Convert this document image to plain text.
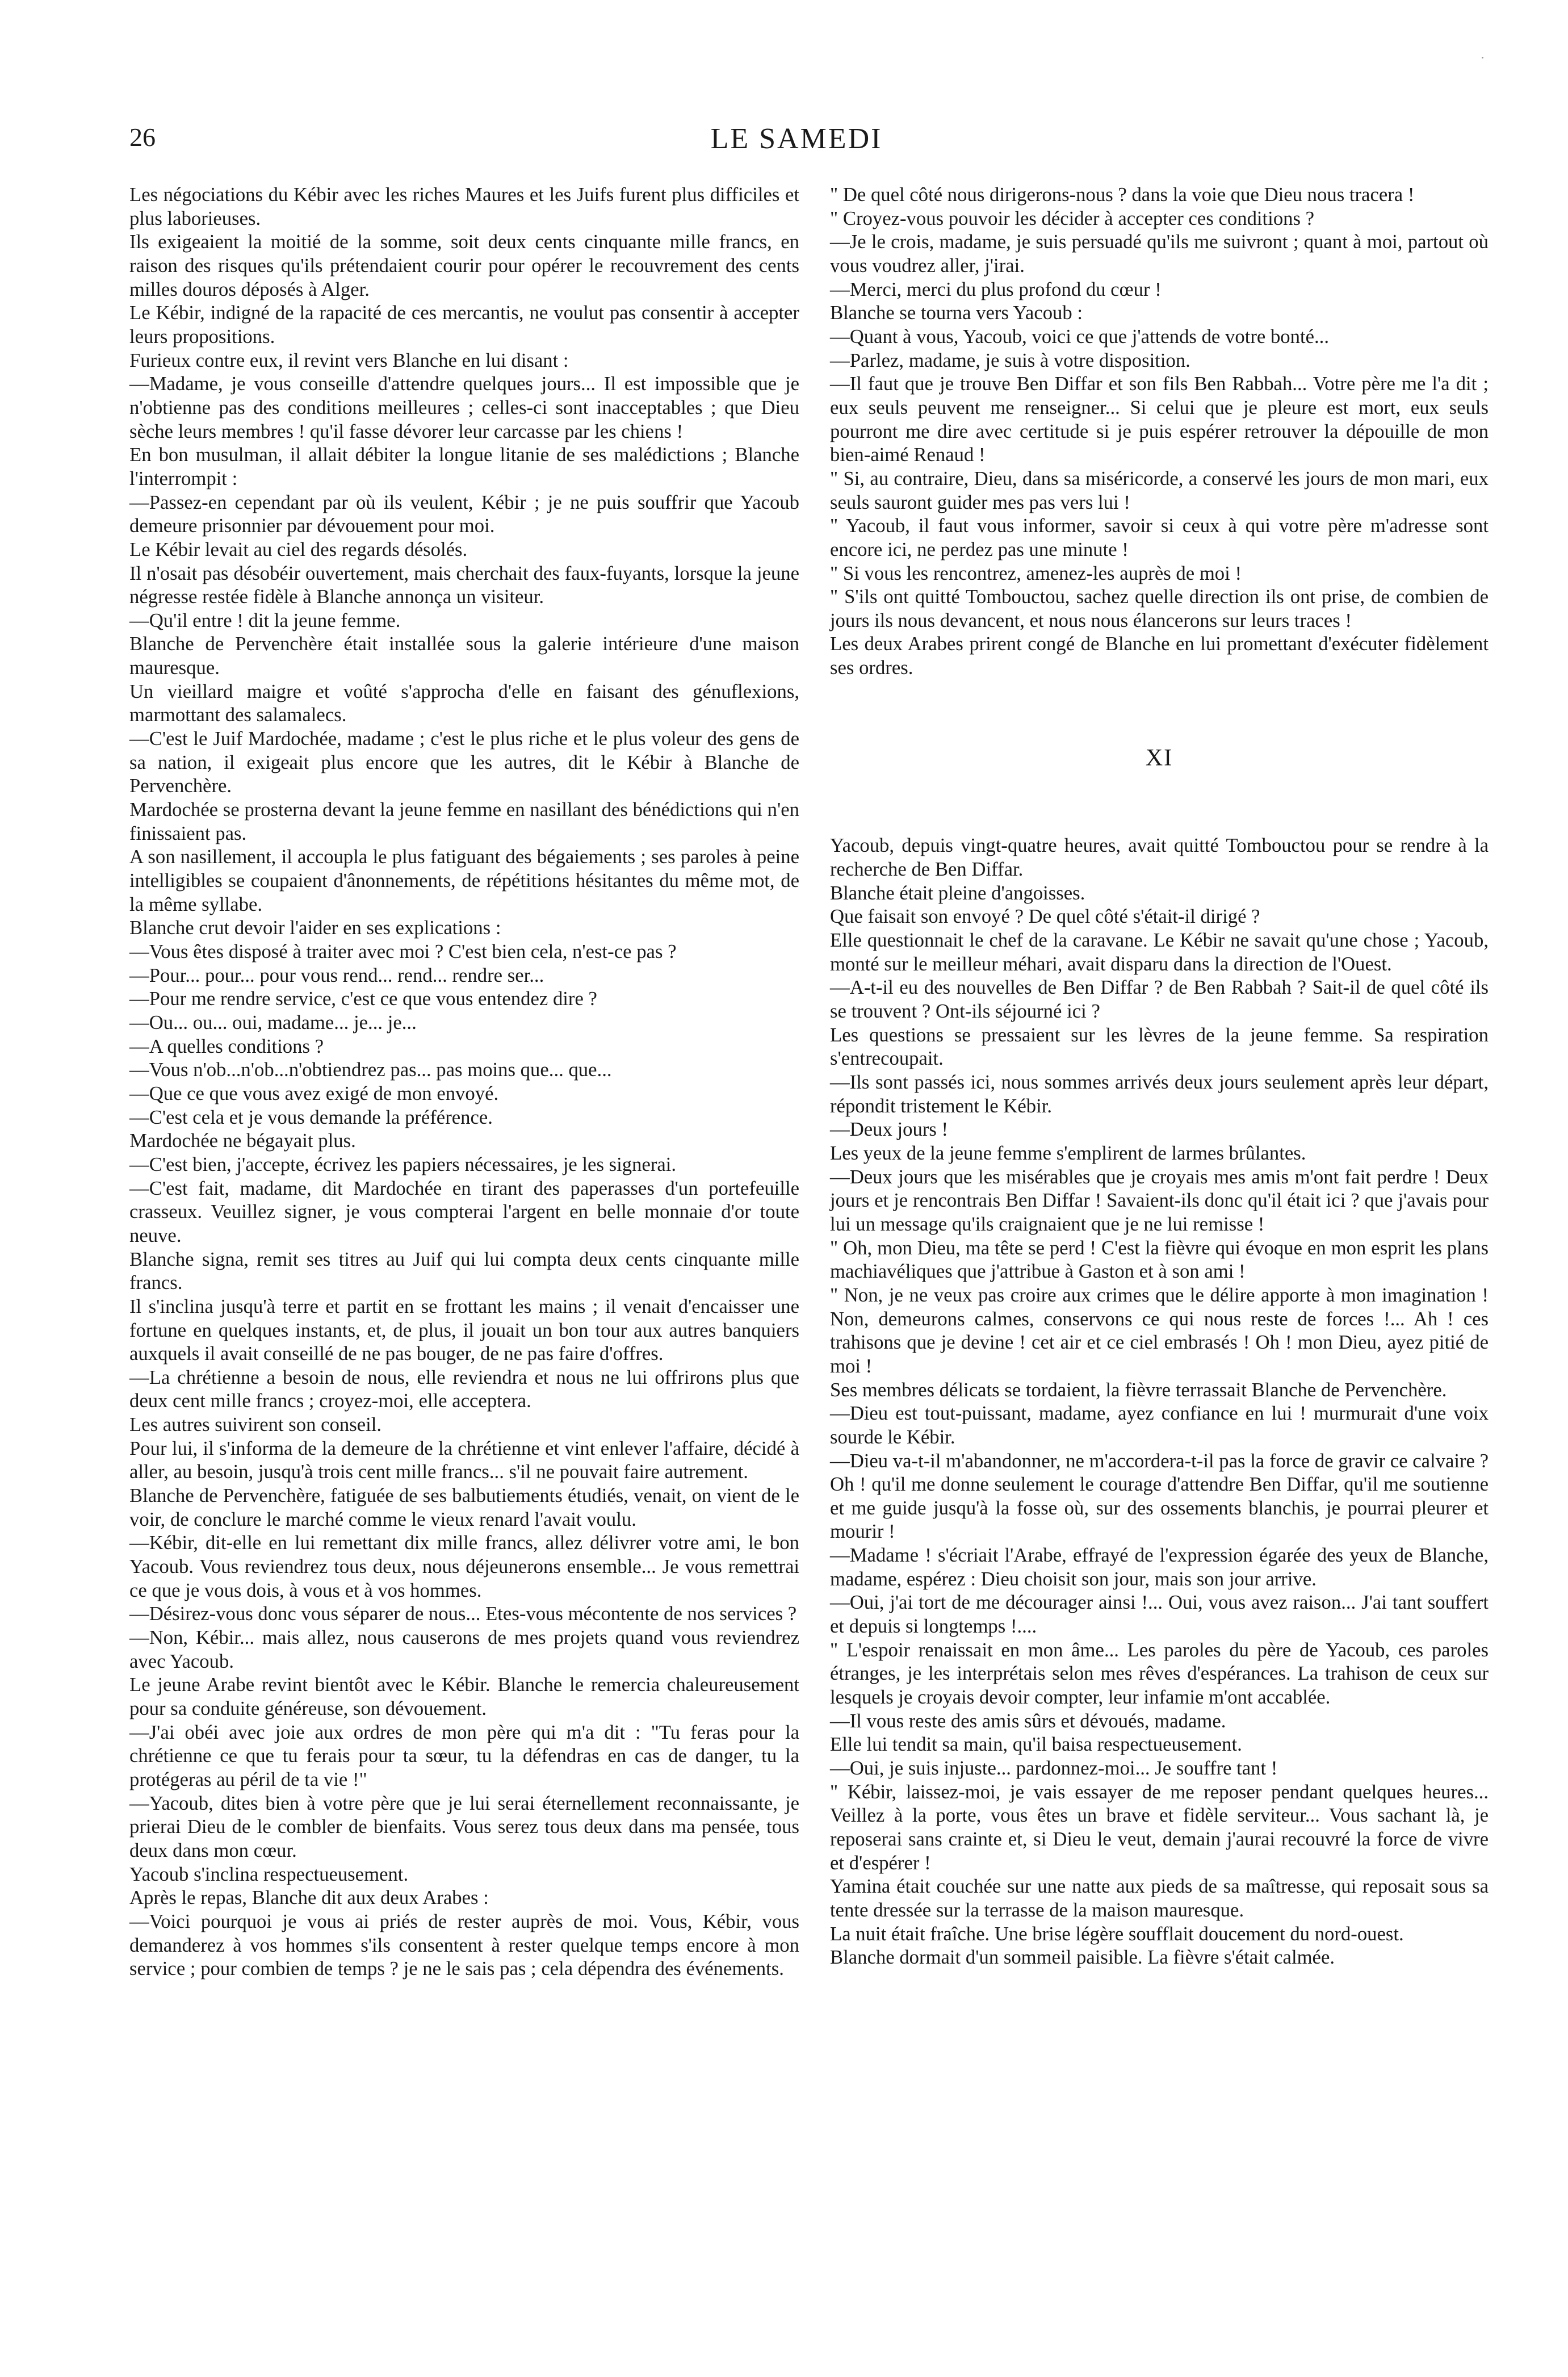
26	LE SAMEDI

Les négociations du Kébir avec les riches Maures et les Juifs furent plus difficiles et plus laborieuses.

Ils exigeaient la moitié de la somme, soit deux cents cinquante mille francs, en raison des risques qu'ils prétendaient courir pour opérer le recouvrement des cents milles douros déposés à Alger.

Le Kébir, indigné de la rapacité de ces mercantis, ne voulut pas consentir à accepter leurs propositions.

Furieux contre eux, il revint vers Blanche en lui disant :

—Madame, je vous conseille d'attendre quelques jours... Il est impossible que je n'obtienne pas des conditions meilleures ; celles-ci sont inacceptables ; que Dieu sèche leurs membres ! qu'il fasse dévorer leur carcasse par les chiens !

En bon musulman, il allait débiter la longue litanie de ses malédictions ; Blanche l'interrompit :

—Passez-en cependant par où ils veulent, Kébir ; je ne puis souffrir que Yacoub demeure prisonnier par dévouement pour moi.

Le Kébir levait au ciel des regards désolés.

Il n'osait pas désobéir ouvertement, mais cherchait des faux-fuyants, lorsque la jeune négresse restée fidèle à Blanche annonça un visiteur.

—Qu'il entre ! dit la jeune femme.

Blanche de Pervenchère était installée sous la galerie intérieure d'une maison mauresque.

Un vieillard maigre et voûté s'approcha d'elle en faisant des génuflexions, marmottant des salamalecs.

—C'est le Juif Mardochée, madame ; c'est le plus riche et le plus voleur des gens de sa nation, il exigeait plus encore que les autres, dit le Kébir à Blanche de Pervenchère.

Mardochée se prosterna devant la jeune femme en nasillant des bénédictions qui n'en finissaient pas.

A son nasillement, il accoupla le plus fatiguant des bégaiements ; ses paroles à peine intelligibles se coupaient d'ânonnements, de répétitions hésitantes du même mot, de la même syllabe.

Blanche crut devoir l'aider en ses explications :

—Vous êtes disposé à traiter avec moi ? C'est bien cela, n'est-ce pas ?

—Pour... pour... pour vous rend... rend... rendre ser...

—Pour me rendre service, c'est ce que vous entendez dire ?

—Ou... ou... oui, madame... je... je...

—A quelles conditions ?

—Vous n'ob...n'ob...n'obtiendrez pas... pas moins que... que...

—Que ce que vous avez exigé de mon envoyé.

—C'est cela et je vous demande la préférence.

Mardochée ne bégayait plus.

—C'est bien, j'accepte, écrivez les papiers nécessaires, je les signerai.

—C'est fait, madame, dit Mardochée en tirant des paperasses d'un portefeuille crasseux. Veuillez signer, je vous compterai l'argent en belle monnaie d'or toute neuve.

Blanche signa, remit ses titres au Juif qui lui compta deux cents cinquante mille francs.

Il s'inclina jusqu'à terre et partit en se frottant les mains ; il venait d'encaisser une fortune en quelques instants, et, de plus, il jouait un bon tour aux autres banquiers auxquels il avait conseillé de ne pas bouger, de ne pas faire d'offres.

—La chrétienne a besoin de nous, elle reviendra et nous ne lui offrirons plus que deux cent mille francs ; croyez-moi, elle acceptera.

Les autres suivirent son conseil.

Pour lui, il s'informa de la demeure de la chrétienne et vint enlever l'affaire, décidé à aller, au besoin, jusqu'à trois cent mille francs... s'il ne pouvait faire autrement.

Blanche de Pervenchère, fatiguée de ses balbutiements étudiés, venait, on vient de le voir, de conclure le marché comme le vieux renard l'avait voulu.

—Kébir, dit-elle en lui remettant dix mille francs, allez délivrer votre ami, le bon Yacoub. Vous reviendrez tous deux, nous déjeunerons ensemble... Je vous remettrai ce que je vous dois, à vous et à vos hommes.

—Désirez-vous donc vous séparer de nous... Etes-vous mécontente de nos services ?

—Non, Kébir... mais allez, nous causerons de mes projets quand vous reviendrez avec Yacoub.

Le jeune Arabe revint bientôt avec le Kébir. Blanche le remercia chaleureusement pour sa conduite généreuse, son dévouement.

—J'ai obéi avec joie aux ordres de mon père qui m'a dit : "Tu feras pour la chrétienne ce que tu ferais pour ta sœur, tu la défendras en cas de danger, tu la protégeras au péril de ta vie !"

—Yacoub, dites bien à votre père que je lui serai éternellement reconnaissante, je prierai Dieu de le combler de bienfaits. Vous serez tous deux dans ma pensée, tous deux dans mon cœur.

Yacoub s'inclina respectueusement.

Après le repas, Blanche dit aux deux Arabes :

—Voici pourquoi je vous ai priés de rester auprès de moi. Vous, Kébir, vous demanderez à vos hommes s'ils consentent à rester quelque temps encore à mon service ; pour combien de temps ? je ne le sais pas ; cela dépendra des événements.

" De quel côté nous dirigerons-nous ? dans la voie que Dieu nous tracera !

" Croyez-vous pouvoir les décider à accepter ces conditions ?

—Je le crois, madame, je suis persuadé qu'ils me suivront ; quant à moi, partout où vous voudrez aller, j'irai.

—Merci, merci du plus profond du cœur !

Blanche se tourna vers Yacoub :

—Quant à vous, Yacoub, voici ce que j'attends de votre bonté...

—Parlez, madame, je suis à votre disposition.

—Il faut que je trouve Ben Diffar et son fils Ben Rabbah... Votre père me l'a dit ; eux seuls peuvent me renseigner... Si celui que je pleure est mort, eux seuls pourront me dire avec certitude si je puis espérer retrouver la dépouille de mon bien-aimé Renaud !

" Si, au contraire, Dieu, dans sa miséricorde, a conservé les jours de mon mari, eux seuls sauront guider mes pas vers lui !

" Yacoub, il faut vous informer, savoir si ceux à qui votre père m'adresse sont encore ici, ne perdez pas une minute !

" Si vous les rencontrez, amenez-les auprès de moi !

" S'ils ont quitté Tombouctou, sachez quelle direction ils ont prise, de combien de jours ils nous devancent, et nous nous élancerons sur leurs traces !

Les deux Arabes prirent congé de Blanche en lui promettant d'exécuter fidèlement ses ordres.

XI

Yacoub, depuis vingt-quatre heures, avait quitté Tombouctou pour se rendre à la recherche de Ben Diffar.

Blanche était pleine d'angoisses.

Que faisait son envoyé ? De quel côté s'était-il dirigé ?

Elle questionnait le chef de la caravane. Le Kébir ne savait qu'une chose ; Yacoub, monté sur le meilleur méhari, avait disparu dans la direction de l'Ouest.

—A-t-il eu des nouvelles de Ben Diffar ? de Ben Rabbah ? Sait-il de quel côté ils se trouvent ? Ont-ils séjourné ici ?

Les questions se pressaient sur les lèvres de la jeune femme. Sa respiration s'entrecoupait.

—Ils sont passés ici, nous sommes arrivés deux jours seulement après leur départ, répondit tristement le Kébir.

—Deux jours !

Les yeux de la jeune femme s'emplirent de larmes brûlantes.

—Deux jours que les misérables que je croyais mes amis m'ont fait perdre ! Deux jours et je rencontrais Ben Diffar ! Savaient-ils donc qu'il était ici ? que j'avais pour lui un message qu'ils craignaient que je ne lui remisse !

" Oh, mon Dieu, ma tête se perd ! C'est la fièvre qui évoque en mon esprit les plans machiavéliques que j'attribue à Gaston et à son ami !

" Non, je ne veux pas croire aux crimes que le délire apporte à mon imagination ! Non, demeurons calmes, conservons ce qui nous reste de forces !... Ah ! ces trahisons que je devine ! cet air et ce ciel embrasés ! Oh ! mon Dieu, ayez pitié de moi !

Ses membres délicats se tordaient, la fièvre terrassait Blanche de Pervenchère.

—Dieu est tout-puissant, madame, ayez confiance en lui ! murmurait d'une voix sourde le Kébir.

—Dieu va-t-il m'abandonner, ne m'accordera-t-il pas la force de gravir ce calvaire ? Oh ! qu'il me donne seulement le courage d'attendre Ben Diffar, qu'il me soutienne et me guide jusqu'à la fosse où, sur des ossements blanchis, je pourrai pleurer et mourir !

—Madame ! s'écriait l'Arabe, effrayé de l'expression égarée des yeux de Blanche, madame, espérez : Dieu choisit son jour, mais son jour arrive.

—Oui, j'ai tort de me décourager ainsi !... Oui, vous avez raison... J'ai tant souffert et depuis si longtemps !....

" L'espoir renaissait en mon âme... Les paroles du père de Yacoub, ces paroles étranges, je les interprétais selon mes rêves d'espérances. La trahison de ceux sur lesquels je croyais devoir compter, leur infamie m'ont accablée.

—Il vous reste des amis sûrs et dévoués, madame.

Elle lui tendit sa main, qu'il baisa respectueusement.

—Oui, je suis injuste... pardonnez-moi... Je souffre tant !

" Kébir, laissez-moi, je vais essayer de me reposer pendant quelques heures... Veillez à la porte, vous êtes un brave et fidèle serviteur... Vous sachant là, je reposerai sans crainte et, si Dieu le veut, demain j'aurai recouvré la force de vivre et d'espérer !

Yamina était couchée sur une natte aux pieds de sa maîtresse, qui reposait sous sa tente dressée sur la terrasse de la maison mauresque.

La nuit était fraîche. Une brise légère soufflait doucement du nord-ouest.

Blanche dormait d'un sommeil paisible. La fièvre s'était calmée.
